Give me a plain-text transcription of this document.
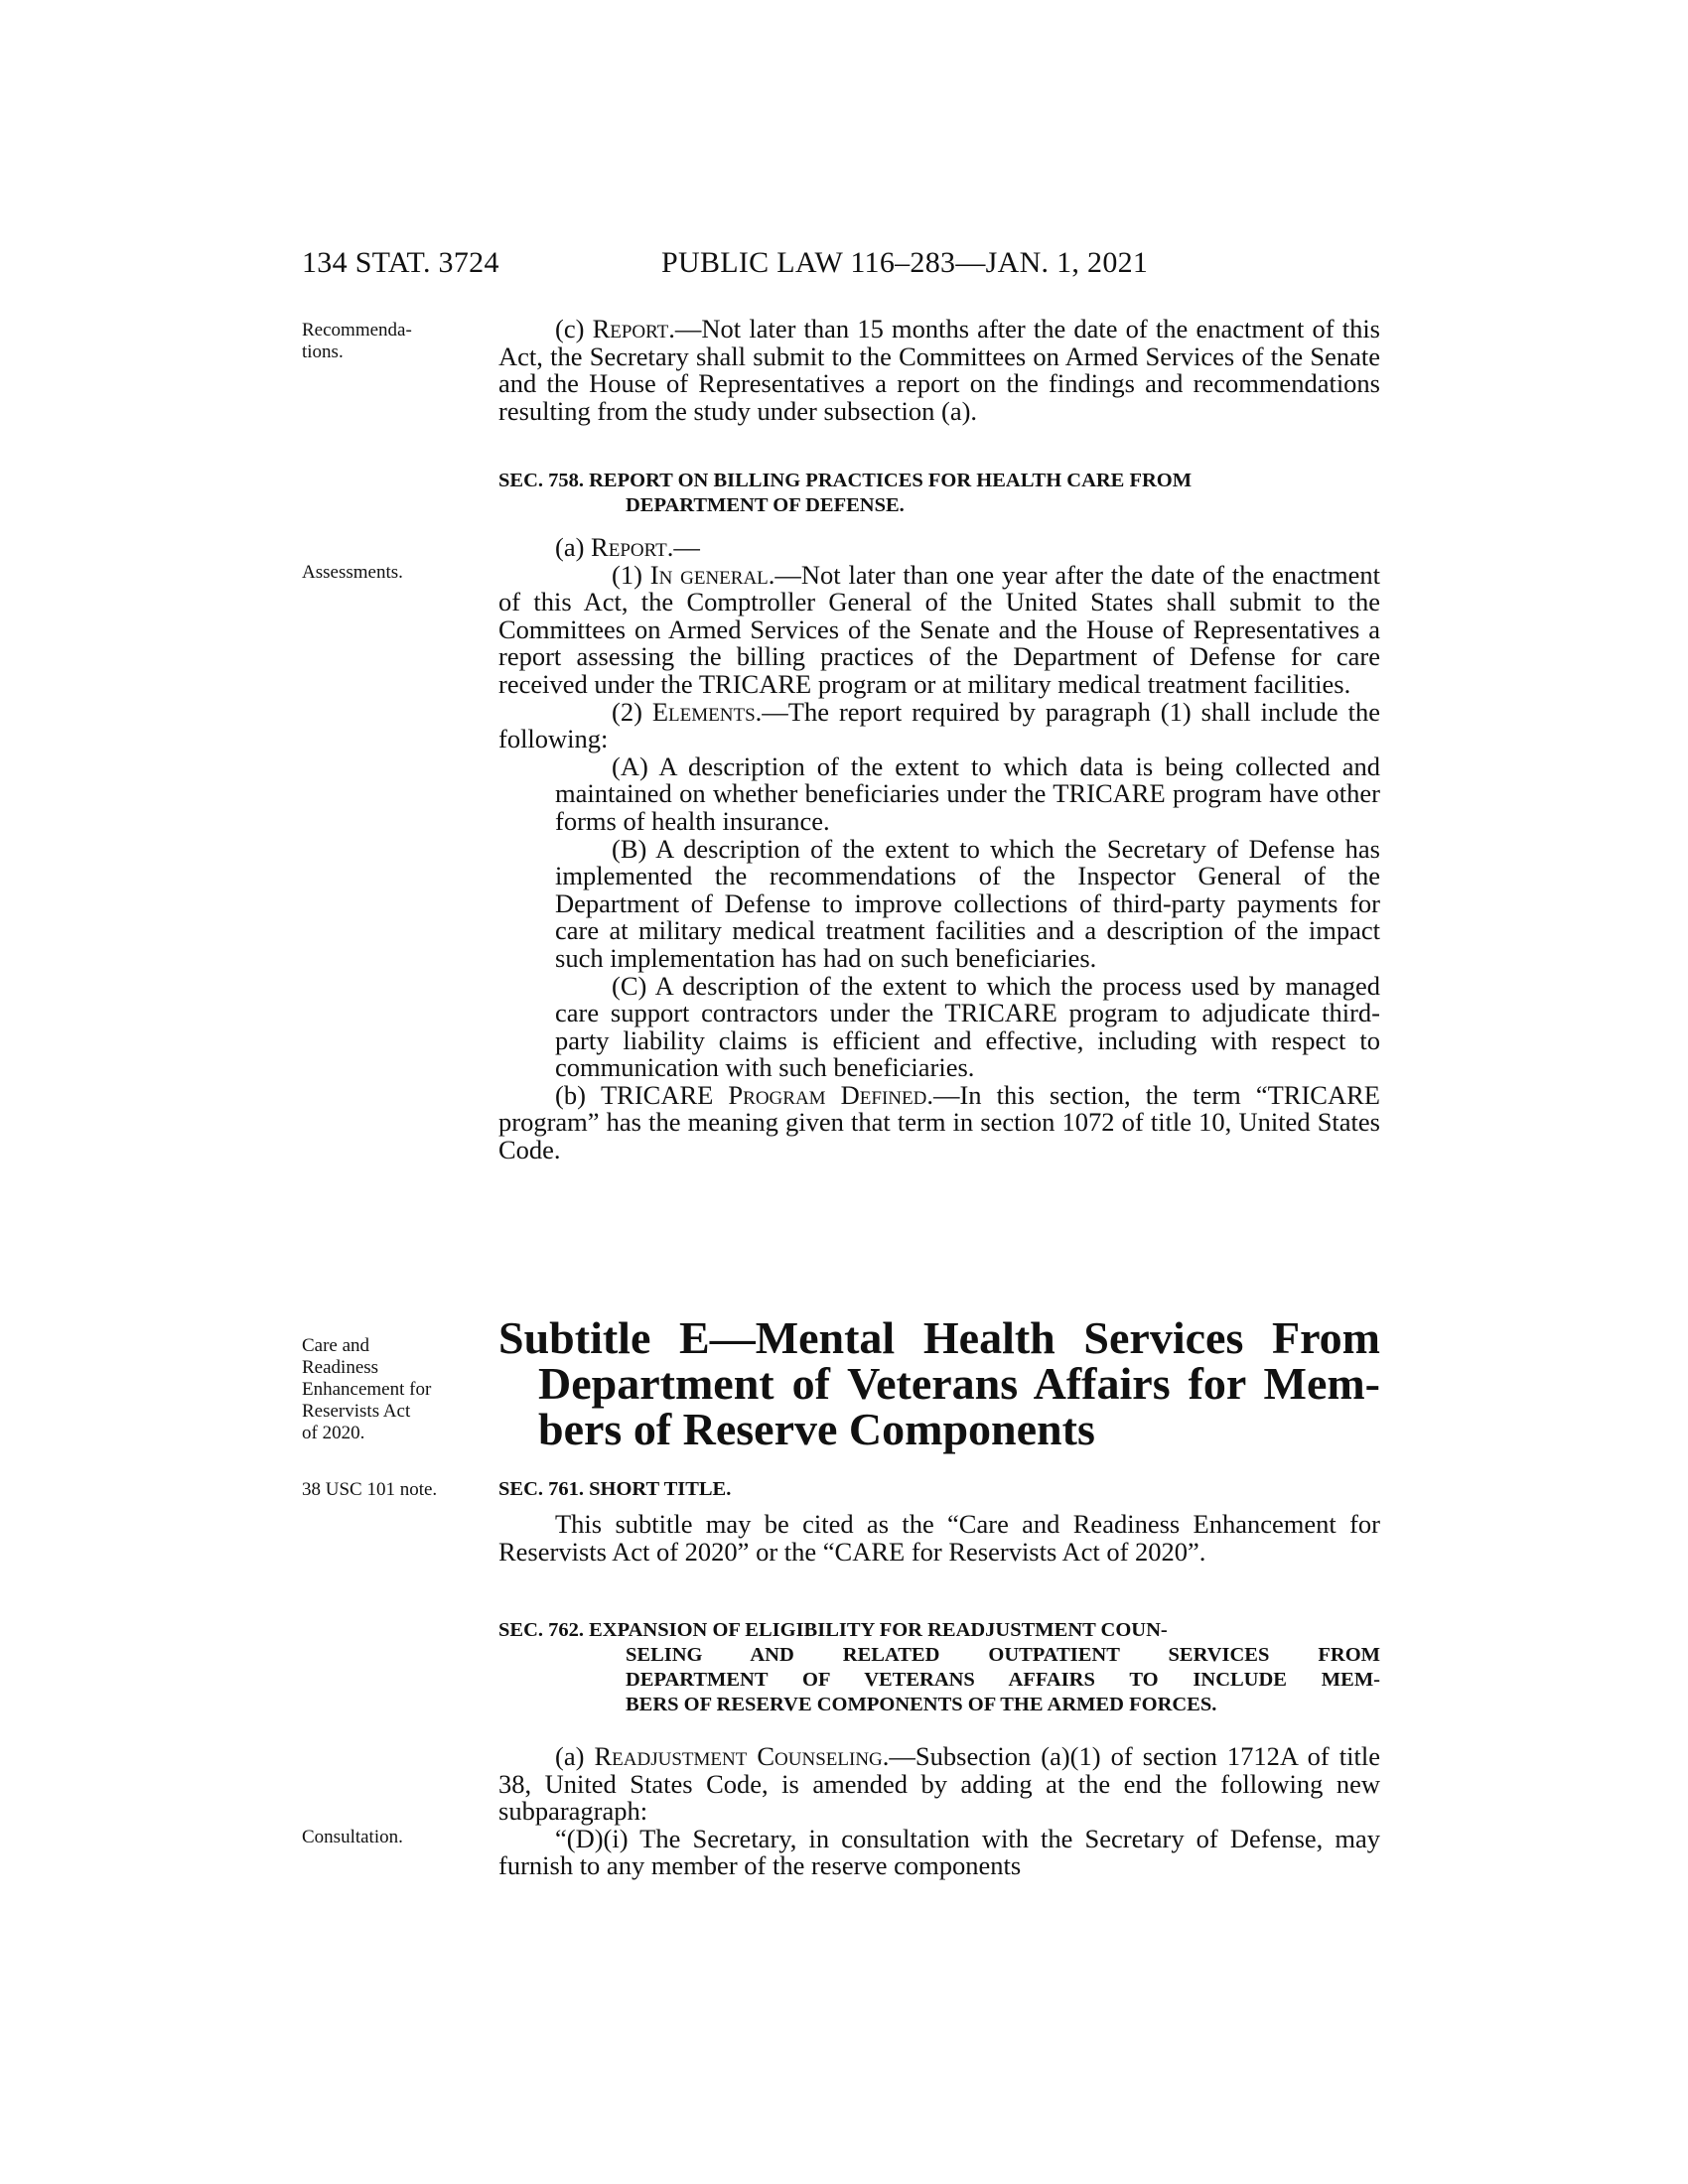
134 STAT. 3724	PUBLIC LAW 116–283—JAN. 1, 2021
Recommenda-
tions.
Assessments.
Care and
Readiness
Enhancement for
Reservists Act
of 2020.
38 USC 101 note.
Consultation.

(c) Report.—Not later than 15 months after the date of the enactment of this Act, the Secretary shall submit to the Committees on Armed Services of the Senate and the House of Representatives a report on the findings and recommendations resulting from the study under subsection (a).

SEC. 758. REPORT ON BILLING PRACTICES FOR HEALTH CARE FROM
DEPARTMENT OF DEFENSE.

(a) Report.—

(1) In general.—Not later than one year after the date of the enactment of this Act, the Comptroller General of the United States shall submit to the Committees on Armed Services of the Senate and the House of Representatives a report assessing the billing practices of the Department of Defense for care received under the TRICARE program or at military medical treatment facilities.

(2) Elements.—The report required by paragraph (1) shall include the following:

(A) A description of the extent to which data is being collected and maintained on whether beneficiaries under the TRICARE program have other forms of health insurance.

(B) A description of the extent to which the Secretary of Defense has implemented the recommendations of the Inspector General of the Department of Defense to improve collections of third-party payments for care at military medical treatment facilities and a description of the impact such implementation has had on such beneficiaries.

(C) A description of the extent to which the process used by managed care support contractors under the TRICARE program to adjudicate third-party liability claims is efficient and effective, including with respect to communication with such beneficiaries.

(b) TRICARE Program Defined.—In this section, the term “TRICARE program” has the meaning given that term in section 1072 of title 10, United States Code.

Subtitle E—Mental Health Services From
Department of Veterans Affairs for Mem-
bers of Reserve Components
SEC. 761. SHORT TITLE.

This subtitle may be cited as the “Care and Readiness Enhancement for Reservists Act of 2020” or the “CARE for Reservists Act of 2020”.

SEC. 762. EXPANSION OF ELIGIBILITY FOR READJUSTMENT COUN-
SELING AND RELATED OUTPATIENT SERVICES FROM
DEPARTMENT OF VETERANS AFFAIRS TO INCLUDE MEM-
BERS OF RESERVE COMPONENTS OF THE ARMED FORCES.

(a) Readjustment Counseling.—Subsection (a)(1) of section 1712A of title 38, United States Code, is amended by adding at the end the following new subparagraph:

“(D)(i) The Secretary, in consultation with the Secretary of Defense, may furnish to any member of the reserve components
